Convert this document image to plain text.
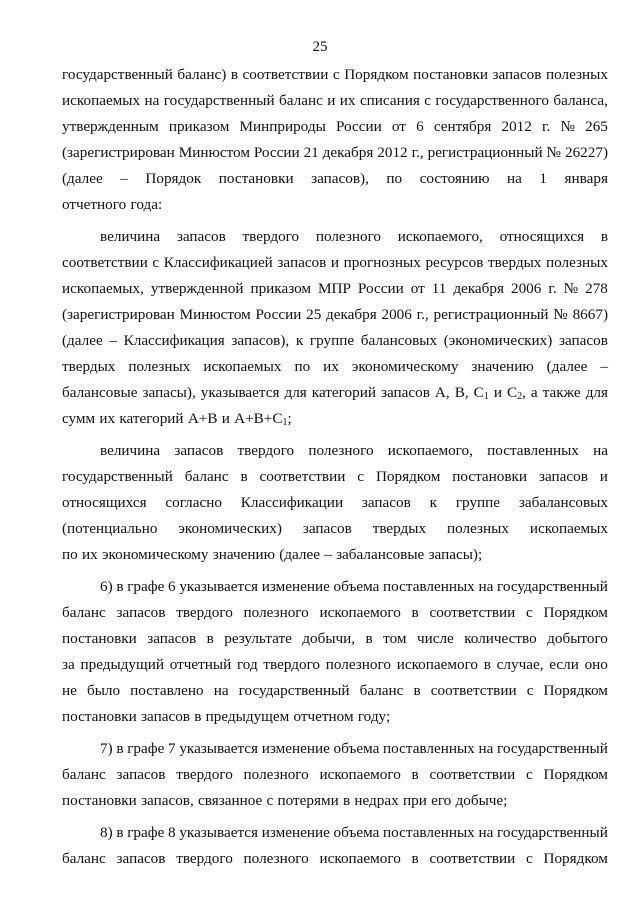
25
государственный баланс) в соответствии с Порядком постановки запасов полезных
ископаемых на государственный баланс и их списания с государственного баланса,
утвержденным приказом Минприроды России от 6 сентября 2012 г. № 265
(зарегистрирован Минюстом России 21 декабря 2012 г., регистрационный № 26227)
(далее – Порядок постановки запасов), по состоянию на 1 января
отчетного года:
величина запасов твердого полезного ископаемого, относящихся в
соответствии с Классификацией запасов и прогнозных ресурсов твердых полезных
ископаемых, утвержденной приказом МПР России от 11 декабря 2006 г. № 278
(зарегистрирован Минюстом России 25 декабря 2006 г., регистрационный № 8667)
(далее – Классификация запасов), к группе балансовых (экономических) запасов
твердых полезных ископаемых по их экономическому значению (далее –
балансовые запасы), указывается для категорий запасов А, В, $С_1$ и $С_2$, а также для
сумм их категорий А+В и $А+В+С_1$;
величина запасов твердого полезного ископаемого, поставленных на
государственный баланс в соответствии с Порядком постановки запасов и
относящихся согласно Классификации запасов к группе забалансовых
(потенциально экономических) запасов твердых полезных ископаемых
по их экономическому значению (далее – забалансовые запасы);
6) в графе 6 указывается изменение объема поставленных на государственный
баланс запасов твердого полезного ископаемого в соответствии с Порядком
постановки запасов в результате добычи, в том числе количество добытого
за предыдущий отчетный год твердого полезного ископаемого в случае, если оно
не было поставлено на государственный баланс в соответствии с Порядком
постановки запасов в предыдущем отчетном году;
7) в графе 7 указывается изменение объема поставленных на государственный
баланс запасов твердого полезного ископаемого в соответствии с Порядком
постановки запасов, связанное с потерями в недрах при его добыче;
8) в графе 8 указывается изменение объема поставленных на государственный
баланс запасов твердого полезного ископаемого в соответствии с Порядком
